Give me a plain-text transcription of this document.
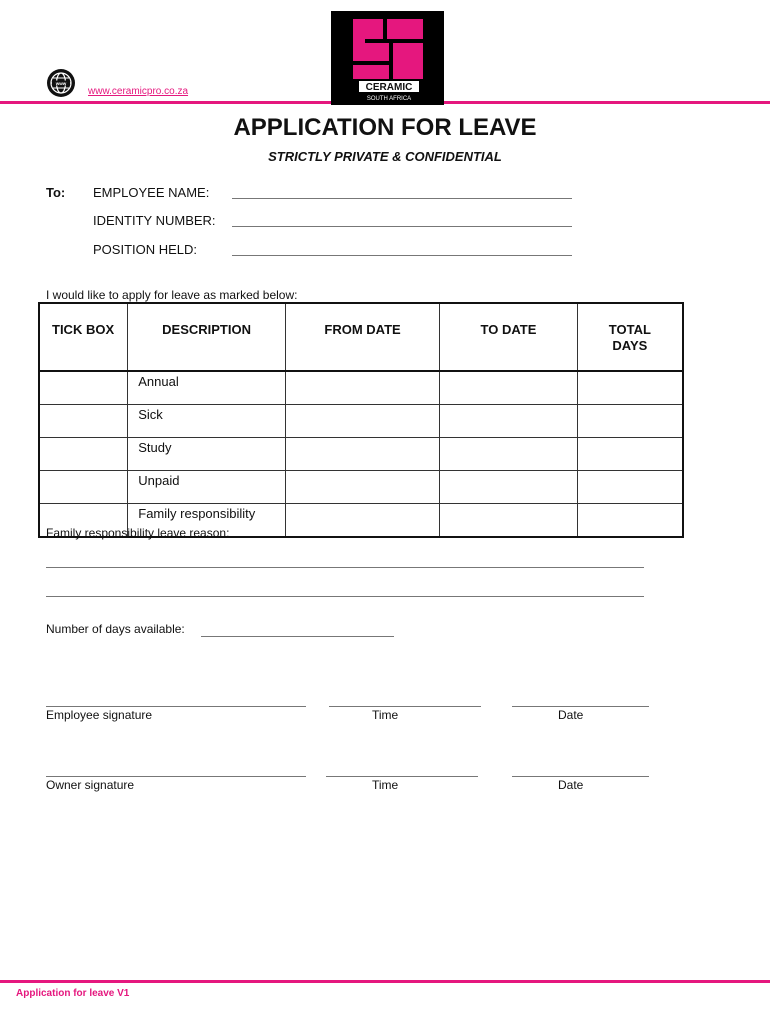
www
www.ceramicpro.co.za	CERAMIC
SOUTH AFRICA
APPLICATION FOR LEAVE
STRICTLY PRIVATE & CONFIDENTIAL
To: EMPLOYEE NAME:
IDENTITY NUMBER:
POSITION HELD:
I would like to apply for leave as marked below:
TICK BOX	DESCRIPTION	FROM DATE	TO DATE	TOTAL DAYS
	Annual			
	Sick			
	Study			
	Unpaid			
	Family responsibility			
Family responsibility leave reason:
Number of days available:
Employee signature	Time	Date
Owner signature	Time	Date
Application for leave V1
